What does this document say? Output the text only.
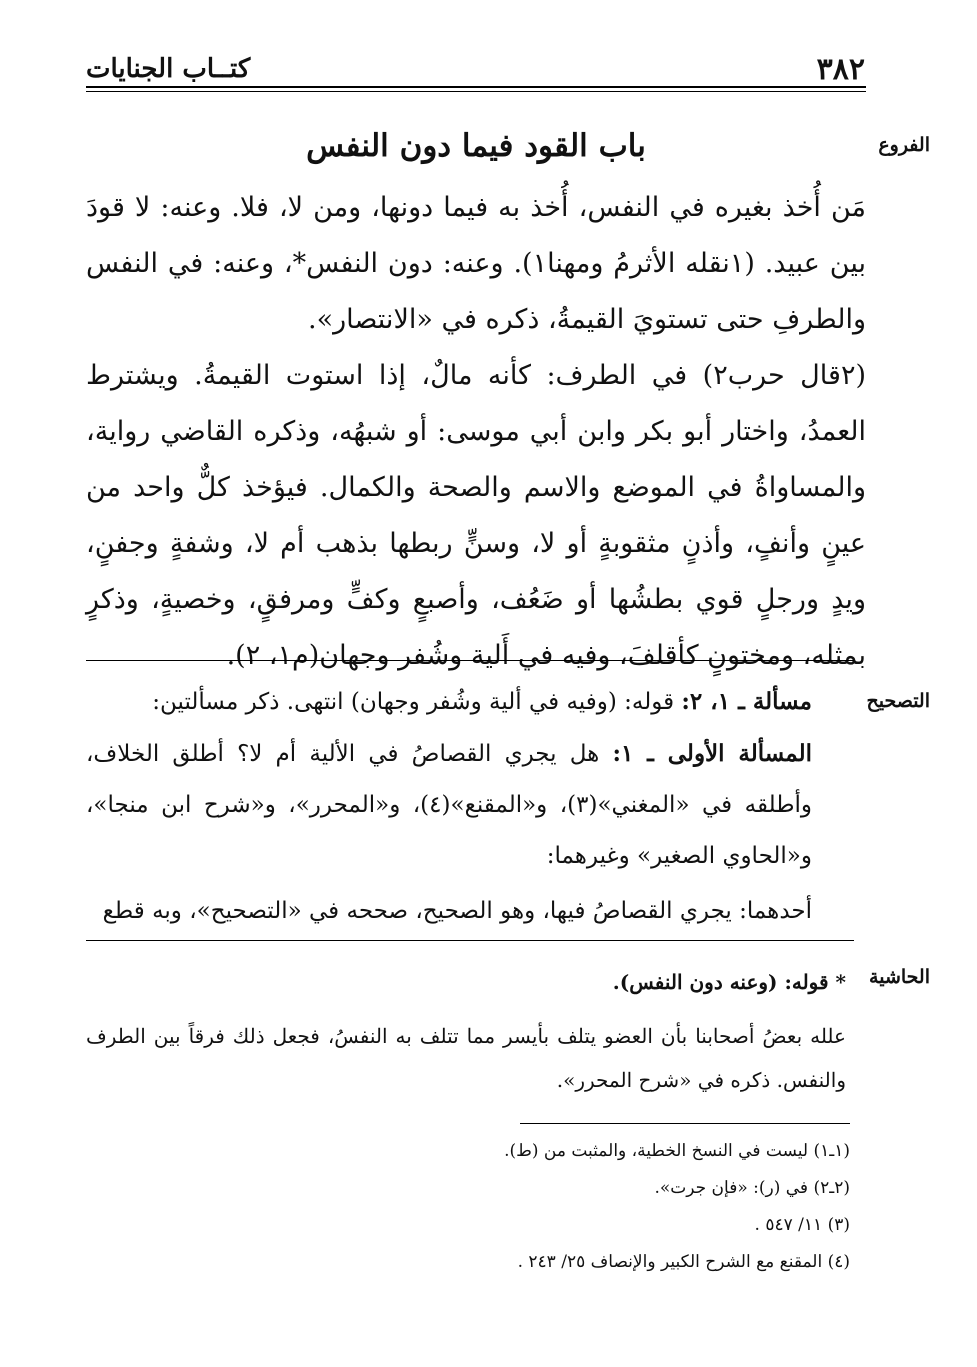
٣٨٢
كتــاب الجنايات
الفروع
التصحيح
الحاشية
باب القود فيما دون النفس

مَن أُخذ بغيره في النفس، أُخذ به فيما دونها، ومن لا، فلا. وعنه: لا قودَ بين عبيد. (١نقله الأثرمُ ومهنا١). وعنه: دون النفس*، وعنه: في النفس والطرفِ حتى تستويَ القيمةُ، ذكره في «الانتصار».

(٢قال حرب٢) في الطرف: كأنه مالٌ، إذا استوت القيمةُ. ويشترط العمدُ، واختار أبو بكر وابن أبي موسى: أو شبهُه، وذكره القاضي رواية، والمساواةُ في الموضع والاسم والصحة والكمال. فيؤخذ كلٌّ واحد من عينٍ وأنفٍ، وأذنٍ مثقوبةٍ أو لا، وسنٍّ ربطها بذهب أم لا، وشفةٍ وجفنٍ، ويدٍ ورجلٍ قوي بطشُها أو ضَعُف، وأصبعٍ وكفٍّ ومرفقٍ، وخصيةٍ، وذكرٍ بمثله، ومختونٍ كأقلفَ، وفيه في أَلية وشُفر وجهان(م١، ٢).

مسألة ـ ١، ٢: قوله: (وفيه في ألية وشُفر وجهان) انتهى. ذكر مسألتين:

المسألة الأولى ـ ١: هل يجري القصاصُ في الألية أم لا؟ أطلق الخلاف، وأطلقه في «المغني»(٣)، و«المقنع»(٤)، و«المحرر»، و«شرح ابن منجا»، و«الحاوي الصغير» وغيرهما:

أحدهما: يجري القصاصُ فيها، وهو الصحيح، صححه في «التصحيح»، وبه قطع

* قوله: (وعنه دون النفس).

علله بعضُ أصحابنا بأن العضو يتلف بأيسر مما تتلف به النفسُ، فجعل ذلك فرقاً بين الطرف والنفس. ذكره في «شرح المحرر».

(١ـ١) ليست في النسخ الخطية، والمثبت من (ط).
(٢ـ٢) في (ر): «فإن جرت».
(٣) ١١/ ٥٤٧ .
(٤) المقنع مع الشرح الكبير والإنصاف ٢٥/ ٢٤٣ .
